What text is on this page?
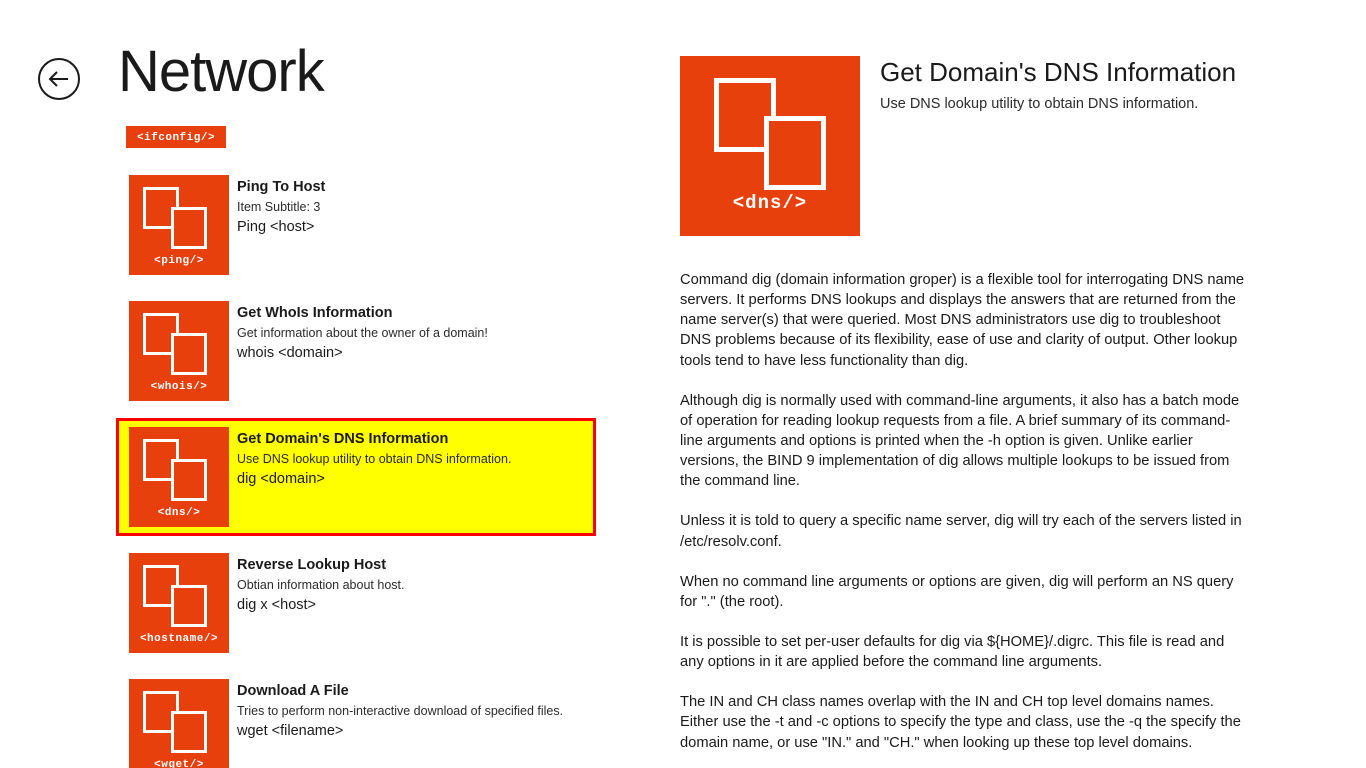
Network
<ifconfig/>
<ping/>
Ping To Host
Item Subtitle: 3
Ping <host>
<whois/>
Get WhoIs Information
Get information about the owner of a domain!
whois <domain>
<dns/>
Get Domain's DNS Information
Use DNS lookup utility to obtain DNS information.
dig <domain>
<hostname/>
Reverse Lookup Host
Obtian information about host.
dig x <host>
<wget/>
Download A File
Tries to perform non-interactive download of specified files.
wget <filename>
<dns/>
Get Domain's DNS Information
Use DNS lookup utility to obtain DNS information.

Command dig (domain information groper) is a flexible tool for interrogating DNS name servers. It performs DNS lookups and displays the answers that are returned from the name server(s) that were queried. Most DNS administrators use dig to troubleshoot DNS problems because of its flexibility, ease of use and clarity of output. Other lookup tools tend to have less functionality than dig.

Although dig is normally used with command-line arguments, it also has a batch mode of operation for reading lookup requests from a file. A brief summary of its command-line arguments and options is printed when the -h option is given. Unlike earlier versions, the BIND 9 implementation of dig allows multiple lookups to be issued from the command line.

Unless it is told to query a specific name server, dig will try each of the servers listed in /etc/resolv.conf.

When no command line arguments or options are given, dig will perform an NS query for "." (the root).

It is possible to set per-user defaults for dig via ${HOME}/.digrc. This file is read and any options in it are applied before the command line arguments.

The IN and CH class names overlap with the IN and CH top level domains names. Either use the -t and -c options to specify the type and class, use the -q the specify the domain name, or use "IN." and "CH." when looking up these top level domains.
